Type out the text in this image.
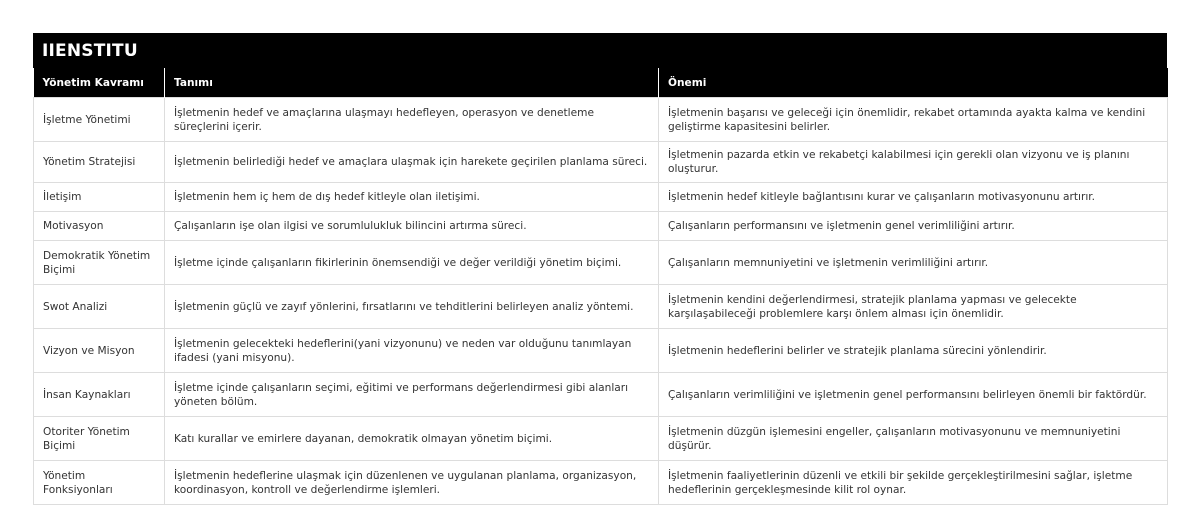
IIENSTITU
Yönetim Kavramı	Tanımı	Önemi
İşletme Yönetimi	İşletmenin hedef ve amaçlarına ulaşmayı hedefleyen, operasyon ve denetleme süreçlerini içerir.	İşletmenin başarısı ve geleceği için önemlidir, rekabet ortamında ayakta kalma ve kendini geliştirme kapasitesini belirler.
Yönetim Stratejisi	İşletmenin belirlediği hedef ve amaçlara ulaşmak için harekete geçirilen planlama süreci.	İşletmenin pazarda etkin ve rekabetçi kalabilmesi için gerekli olan vizyonu ve iş planını oluşturur.
İletişim	İşletmenin hem iç hem de dış hedef kitleyle olan iletişimi.	İşletmenin hedef kitleyle bağlantısını kurar ve çalışanların motivasyonunu artırır.
Motivasyon	Çalışanların işe olan ilgisi ve sorumlulukluk bilincini artırma süreci.	Çalışanların performansını ve işletmenin genel verimliliğini artırır.
Demokratik Yönetim Biçimi	İşletme içinde çalışanların fikirlerinin önemsendiği ve değer verildiği yönetim biçimi.	Çalışanların memnuniyetini ve işletmenin verimliliğini artırır.
Swot Analizi	İşletmenin güçlü ve zayıf yönlerini, fırsatlarını ve tehditlerini belirleyen analiz yöntemi.	İşletmenin kendini değerlendirmesi, stratejik planlama yapması ve gelecekte karşılaşabileceği problemlere karşı önlem alması için önemlidir.
Vizyon ve Misyon	İşletmenin gelecekteki hedeflerini(yani vizyonunu) ve neden var olduğunu tanımlayan ifadesi (yani misyonu).	İşletmenin hedeflerini belirler ve stratejik planlama sürecini yönlendirir.
İnsan Kaynakları	İşletme içinde çalışanların seçimi, eğitimi ve performans değerlendirmesi gibi alanları yöneten bölüm.	Çalışanların verimliliğini ve işletmenin genel performansını belirleyen önemli bir faktördür.
Otoriter Yönetim Biçimi	Katı kurallar ve emirlere dayanan, demokratik olmayan yönetim biçimi.	İşletmenin düzgün işlemesini engeller, çalışanların motivasyonunu ve memnuniyetini düşürür.
Yönetim Fonksiyonları	İşletmenin hedeflerine ulaşmak için düzenlenen ve uygulanan planlama, organizasyon, koordinasyon, kontroll ve değerlendirme işlemleri.	İşletmenin faaliyetlerinin düzenli ve etkili bir şekilde gerçekleştirilmesini sağlar, işletme hedeflerinin gerçekleşmesinde kilit rol oynar.
